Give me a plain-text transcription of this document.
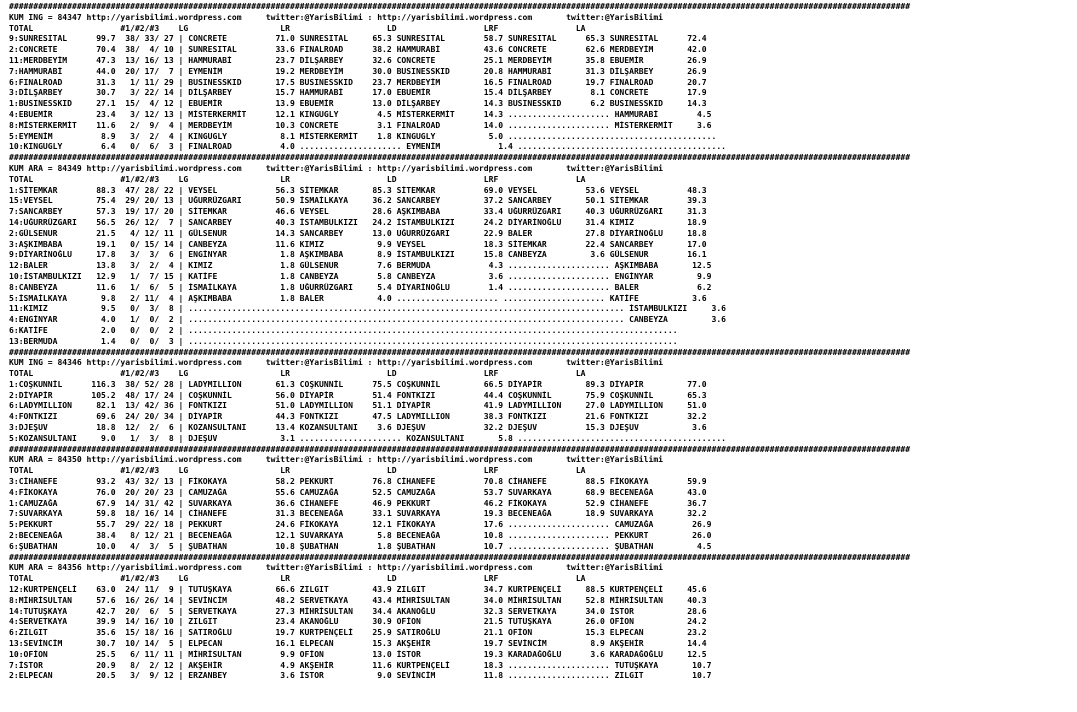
##########################################################################################################################################################################################
KUM ING = 84347 http://yarisbilimi.wordpress.com     twitter:@YarisBilimi : http://yarisbilimi.wordpress.com       twitter:@YarisBilimi
TOTAL                  #1/#2/#3    LG                   LR                    LD                  LRF                LA
9:SUNRESITAL      99.7  38/ 33/ 27 | CONCRETE          71.0 SUNRESITAL     65.3 SUNRESITAL        58.7 SUNRESITAL      65.3 SUNRESITAL      72.4
2:CONCRETE        70.4  38/  4/ 10 | SUNRESITAL        33.6 FINALROAD      38.2 HAMMURABİ         43.6 CONCRETE        62.6 MERDBEYİM       42.0
11:MERDBEYİM      47.3  13/ 16/ 13 | HAMMURABİ         23.7 DİLŞARBEY      32.6 CONCRETE          25.1 MERDBEYİM       35.8 EBUEMİR         26.9
7:HAMMURABİ       44.0  20/ 17/  7 | EYMENİM           19.2 MERDBEYİM      30.0 BUSINESSKID       20.8 HAMMURABİ       31.3 DİLŞARBEY       26.9
6:FINALROAD       31.3   1/ 11/ 29 | BUSINESSKID       17.5 BUSINESSKID    23.7 MERDBEYİM         16.5 FINALROAD       19.7 FINALROAD       20.7
3:DİLŞARBEY       30.7   3/ 22/ 14 | DİLŞARBEY         15.7 HAMMURABİ      17.0 EBUEMİR           15.4 DİLŞARBEY        8.1 CONCRETE        17.9
1:BUSINESSKID     27.1  15/  4/ 12 | EBUEMİR           13.9 EBUEMİR        13.0 DİLŞARBEY         14.3 BUSINESSKID      6.2 BUSINESSKID     14.3
4:EBUEMİR         23.4   3/ 12/ 13 | MİSTERKERMİT      12.1 KINGUGLY        4.5 MİSTERKERMİT      14.3 ..................... HAMMURABİ        4.5
8:MİSTERKERMİT    11.6   2/  9/  4 | MERDBEYİM         10.3 CONCRETE        3.1 FINALROAD         14.0 ..................... MİSTERKERMİT     3.6
5:EYMENİM          8.9   3/  2/  4 | KINGUGLY           8.1 MİSTERKERMİT    1.8 KINGUGLY           5.0 ...........................................
10:KINGUGLY        6.4   0/  6/  3 | FINALROAD          4.0 ..................... EYMENİM            1.4 ...........................................
##########################################################################################################################################################################################
KUM ARA = 84349 http://yarisbilimi.wordpress.com     twitter:@YarisBilimi : http://yarisbilimi.wordpress.com       twitter:@YarisBilimi
TOTAL                  #1/#2/#3    LG                   LR                    LD                  LRF                LA
1:SİTEMKAR        88.3  47/ 28/ 22 | VEYSEL            56.3 SİTEMKAR       85.3 SİTEMKAR          69.0 VEYSEL          53.6 VEYSEL          48.3
15:VEYSEL         75.4  29/ 20/ 13 | UĞURRÜZGARI       50.9 İSMAİLKAYA     36.2 SANCARBEY         37.2 SANCARBEY       50.1 SİTEMKAR        39.3
7:SANCARBEY       57.3  19/ 17/ 20 | SİTEMKAR          46.6 VEYSEL         28.6 AŞKIMBABA         33.4 UĞURRÜZGARI     40.3 UĞURRÜZGARI     31.3
14:UĞURRÜZGARI    56.5  26/ 12/  7 | SANCARBEY         40.3 İSTAMBULKIZI   24.2 İSTAMBULKIZI      24.2 DİYARİNOĞLU     31.4 KIMIZ           18.9
2:GÜLSENUR        21.5   4/ 12/ 11 | GÜLSENUR          14.3 SANCARBEY      13.0 UĞURRÜZGARI       22.9 BALER           27.8 DİYARİNOĞLU     18.8
3:AŞKIMBABA       19.1   0/ 15/ 14 | CANBEYZA          11.6 KIMIZ           9.9 VEYSEL            18.3 SİTEMKAR        22.4 SANCARBEY       17.0
9:DİYARİNOĞLU     17.8   3/  3/  6 | ENGİNYAR           1.8 AŞKIMBABA       8.9 İSTAMBULKIZI      15.8 CANBEYZA         3.6 GÜLSENUR        16.1
12:BALER          13.8   3/  2/  4 | KIMIZ              1.8 GÜLSENUR        7.6 BERMUDA            4.3 ..................... AŞKIMBABA       12.5
10:İSTAMBULKIZI   12.9   1/  7/ 15 | KATİFE             1.8 CANBEYZA        5.8 CANBEYZA           3.6 ..................... ENGİNYAR         9.9
8:CANBEYZA        11.6   1/  6/  5 | İSMAİLKAYA         1.8 UĞURRÜZGARI     5.4 DİYARİNOĞLU        1.4 ..................... BALER            6.2
5:İSMAİLKAYA       9.8   2/ 11/  4 | AŞKIMBABA          1.8 BALER           4.0 ..................... ..................... KATİFE           3.6
11:KIMIZ           9.5   0/  3/  8 | .......................................................................................... İSTAMBULKIZI     3.6
4:ENGİNYAR         4.0   1/  0/  2 | .......................................................................................... CANBEYZA         3.6
6:KATİFE           2.0   0/  0/  2 | .....................................................................................................
13:BERMUDA         1.4   0/  0/  3 | .....................................................................................................
##########################################################################################################################################################################################
KUM ING = 84346 http://yarisbilimi.wordpress.com     twitter:@YarisBilimi : http://yarisbilimi.wordpress.com       twitter:@YarisBilimi
TOTAL                  #1/#2/#3    LG                   LR                    LD                  LRF                LA
1:COŞKUNNİL      116.3  38/ 52/ 28 | LADYMILLION       61.3 COŞKUNNİL      75.5 COŞKUNNİL         66.5 DİYAPİR         89.3 DİYAPİR         77.0
2:DİYAPİR        105.2  48/ 17/ 24 | COŞKUNNİL         56.0 DİYAPİR        51.4 FONTKIZI          44.4 COŞKUNNİL       75.9 COŞKUNNİL       65.3
6:LADYMILLION     82.1  13/ 42/ 36 | FONTKIZI          51.0 LADYMILLION    51.1 DİYAPİR           41.9 LADYMILLION     27.0 LADYMILLION     51.0
4:FONTKIZI        69.6  24/ 20/ 34 | DİYAPİR           44.3 FONTKIZI       47.5 LADYMILLION       38.3 FONTKIZI        21.6 FONTKIZI        32.2
3:DJEŞUV          18.8  12/  2/  6 | KOZANSULTANI      13.4 KOZANSULTANI    3.6 DJEŞUV            32.2 DJEŞUV          15.3 DJEŞUV           3.6
5:KOZANSULTANI     9.0   1/  3/  8 | DJEŞUV             3.1 ..................... KOZANSULTANI       5.8 ...........................................
##########################################################################################################################################################################################
KUM ARA = 84350 http://yarisbilimi.wordpress.com     twitter:@YarisBilimi : http://yarisbilimi.wordpress.com       twitter:@YarisBilimi
TOTAL                  #1/#2/#3    LG                   LR                    LD                  LRF                LA
3:CİHANEFE        93.2  43/ 32/ 13 | FİKOKAYA          58.2 PEKKURT        76.8 CİHANEFE          70.8 CİHANEFE        88.5 FİKOKAYA        59.9
4:FİKOKAYA        76.0  20/ 20/ 23 | CAMUZAĞA          55.6 CAMUZAĞA       52.5 CAMUZAĞA          53.7 SUVARKAYA       68.9 BECENEAĞA       43.0
1:CAMUZAĞA        67.9  14/ 31/ 42 | SUVARKAYA         36.6 CİHANEFE       46.9 PEKKURT           46.2 FİKOKAYA        52.9 CİHANEFE        36.7
7:SUVARKAYA       59.8  18/ 16/ 14 | CİHANEFE          31.3 BECENEAĞA      33.1 SUVARKAYA         19.3 BECENEAĞA       18.9 SUVARKAYA       32.2
5:PEKKURT         55.7  29/ 22/ 18 | PEKKURT           24.6 FİKOKAYA       12.1 FİKOKAYA          17.6 ..................... CAMUZAĞA        26.9
2:BECENEAĞA       38.4   8/ 12/ 21 | BECENEAĞA         12.1 SUVARKAYA       5.8 BECENEAĞA         10.8 ..................... PEKKURT         26.0
6:ŞUBATHAN        10.0   4/  3/  5 | ŞUBATHAN          10.8 ŞUBATHAN        1.8 ŞUBATHAN          10.7 ..................... ŞUBATHAN         4.5
##########################################################################################################################################################################################
KUM ARA = 84356 http://yarisbilimi.wordpress.com     twitter:@YarisBilimi : http://yarisbilimi.wordpress.com       twitter:@YarisBilimi
TOTAL                  #1/#2/#3    LG                   LR                    LD                  LRF                LA
12:KURTPENÇELİ    63.0  24/ 11/  9 | TUTUŞKAYA         66.6 ZILGIT         43.9 ZILGIT            34.7 KURTPENÇELİ     88.5 KURTPENÇELİ     45.6
8:MİHRİSULTAN     57.6  16/ 26/ 14 | SEVİNCİM          48.2 SERVETKAYA     43.4 MİHRİSULTAN       34.0 MİHRİSULTAN     52.8 MİHRİSULTAN     40.3
14:TUTUŞKAYA      42.7  20/  6/  5 | SERVETKAYA        27.3 MİHRİSULTAN    34.4 AKANOĞLU          32.3 SERVETKAYA      34.0 İSTOR           28.6
4:SERVETKAYA      39.9  14/ 16/ 10 | ZILGIT            23.4 AKANOĞLU       30.9 OFİON             21.5 TUTUŞKAYA       26.0 OFİON           24.2
6:ZILGIT          35.6  15/ 18/ 16 | SATIROĞLU         19.7 KURTPENÇELİ    25.9 SATIROĞLU         21.1 OFİON           15.3 ELPECAN         23.2
13:SEVİNCİM       30.7  10/ 14/  5 | ELPECAN           16.1 ELPECAN        15.3 AKŞEHİR           19.7 SEVİNCİM         8.9 AKŞEHİR         14.4
10:OFİON          25.5   6/ 11/ 11 | MİHRİSULTAN        9.9 OFİON          13.0 İSTOR             19.3 KARADAĞOĞLU      3.6 KARADAĞOĞLU     12.5
7:İSTOR           20.9   8/  2/ 12 | AKŞEHİR            4.9 AKŞEHİR        11.6 KURTPENÇELİ       18.3 ..................... TUTUŞKAYA       10.7
2:ELPECAN         20.5   3/  9/ 12 | ERZANBEY           3.6 İSTOR           9.0 SEVİNCİM          11.8 ..................... ZILGIT          10.7
